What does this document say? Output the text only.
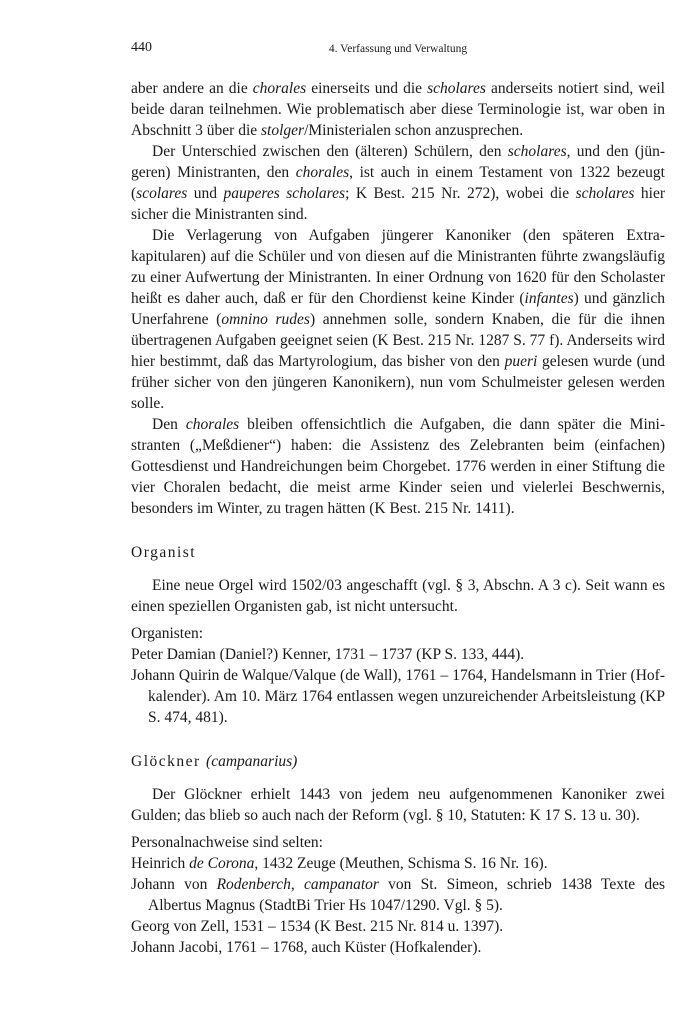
440	4. Verfassung und Verwaltung

aber andere an die chorales einerseits und die scholares anderseits notiert sind, weil beide daran teilnehmen. Wie problematisch aber diese Terminologie ist, war oben in Abschnitt 3 über die stolger/Ministerialen schon anzusprechen.

Der Unterschied zwischen den (älteren) Schülern, den scholares, und den (jüngeren) Ministranten, den chorales, ist auch in einem Testament von 1322 bezeugt (scolares und pauperes scholares; K Best. 215 Nr. 272), wobei die scholares hier sicher die Ministranten sind.

Die Verlagerung von Aufgaben jüngerer Kanoniker (den späteren Extrakapitularen) auf die Schüler und von diesen auf die Ministranten führte zwangsläufig zu einer Aufwertung der Ministranten. In einer Ordnung von 1620 für den Scholaster heißt es daher auch, daß er für den Chordienst keine Kinder (infantes) und gänzlich Unerfahrene (omnino rudes) annehmen solle, sondern Knaben, die für die ihnen übertragenen Aufgaben geeignet seien (K Best. 215 Nr. 1287 S. 77 f). Anderseits wird hier bestimmt, daß das Martyrologium, das bisher von den pueri gelesen wurde (und früher sicher von den jüngeren Kanonikern), nun vom Schulmeister gelesen werden solle.

Den chorales bleiben offensichtlich die Aufgaben, die dann später die Ministranten („Meßdiener“) haben: die Assistenz des Zelebranten beim (einfachen) Gottesdienst und Handreichungen beim Chorgebet. 1776 werden in einer Stiftung die vier Choralen bedacht, die meist arme Kinder seien und vielerlei Beschwernis, besonders im Winter, zu tragen hätten (K Best. 215 Nr. 1411).

Organist

Eine neue Orgel wird 1502/03 angeschafft (vgl. § 3, Abschn. A 3 c). Seit wann es einen speziellen Organisten gab, ist nicht untersucht.

Organisten:

Peter Damian (Daniel?) Kenner, 1731 – 1737 (KP S. 133, 444).

Johann Quirin de Walque/Valque (de Wall), 1761 – 1764, Handelsmann in Trier (Hofkalender). Am 10. März 1764 entlassen wegen unzureichender Arbeitsleistung (KP S. 474, 481).

Glöckner (campanarius)

Der Glöckner erhielt 1443 von jedem neu aufgenommenen Kanoniker zwei Gulden; das blieb so auch nach der Reform (vgl. § 10, Statuten: K 17 S. 13 u. 30).

Personalnachweise sind selten:

Heinrich de Corona, 1432 Zeuge (Meuthen, Schisma S. 16 Nr. 16).

Johann von Rodenberch, campanator von St. Simeon, schrieb 1438 Texte des Albertus Magnus (StadtBi Trier Hs 1047/1290. Vgl. § 5).

Georg von Zell, 1531 – 1534 (K Best. 215 Nr. 814 u. 1397).

Johann Jacobi, 1761 – 1768, auch Küster (Hofkalender).
